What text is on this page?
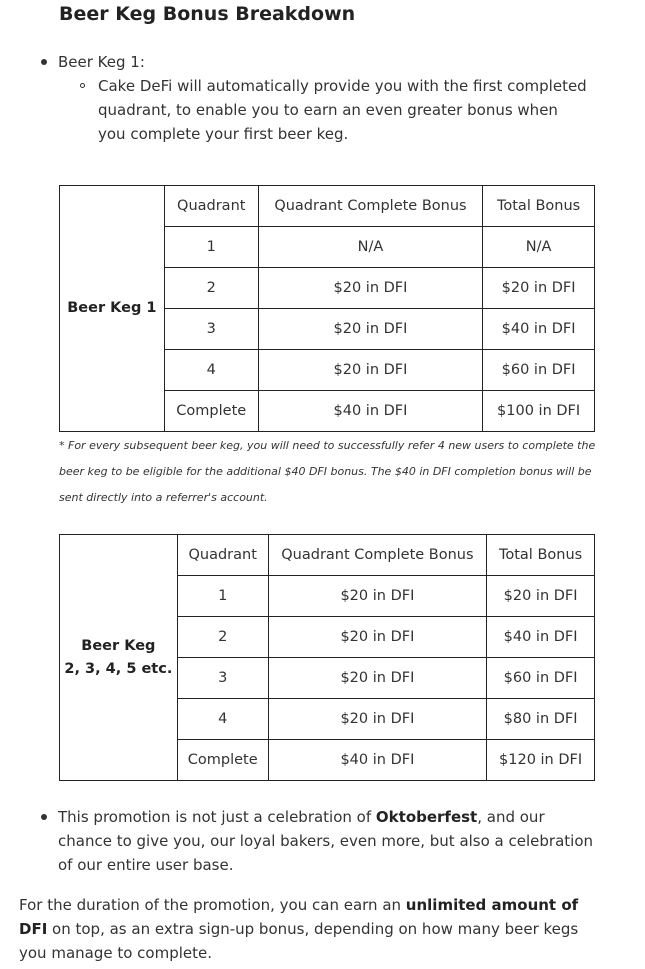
Beer Keg Bonus Breakdown
Beer Keg 1:
Cake DeFi will automatically provide you with the first completed quadrant, to enable you to earn an even greater bonus when you complete your first beer keg.
Beer Keg 1	Quadrant	Quadrant Complete Bonus	Total Bonus
	1	N/A	N/A
	2	$20 in DFI	$20 in DFI
	3	$20 in DFI	$40 in DFI
	4	$20 in DFI	$60 in DFI
	Complete	$40 in DFI	$100 in DFI
* For every subsequent beer keg, you will need to successfully refer 4 new users to complete the beer keg to be eligible for the additional $40 DFI bonus. The $40 in DFI completion bonus will be sent directly into a referrer's account.
Beer Keg
2, 3, 4, 5 etc.	Quadrant	Quadrant Complete Bonus	Total Bonus
	1	$20 in DFI	$20 in DFI
	2	$20 in DFI	$40 in DFI
	3	$20 in DFI	$60 in DFI
	4	$20 in DFI	$80 in DFI
	Complete	$40 in DFI	$120 in DFI
This promotion is not just a celebration of Oktoberfest, and our chance to give you, our loyal bakers, even more, but also a celebration of our entire user base.
For the duration of the promotion, you can earn an unlimited amount of DFI on top, as an extra sign-up bonus, depending on how many beer kegs you manage to complete.
